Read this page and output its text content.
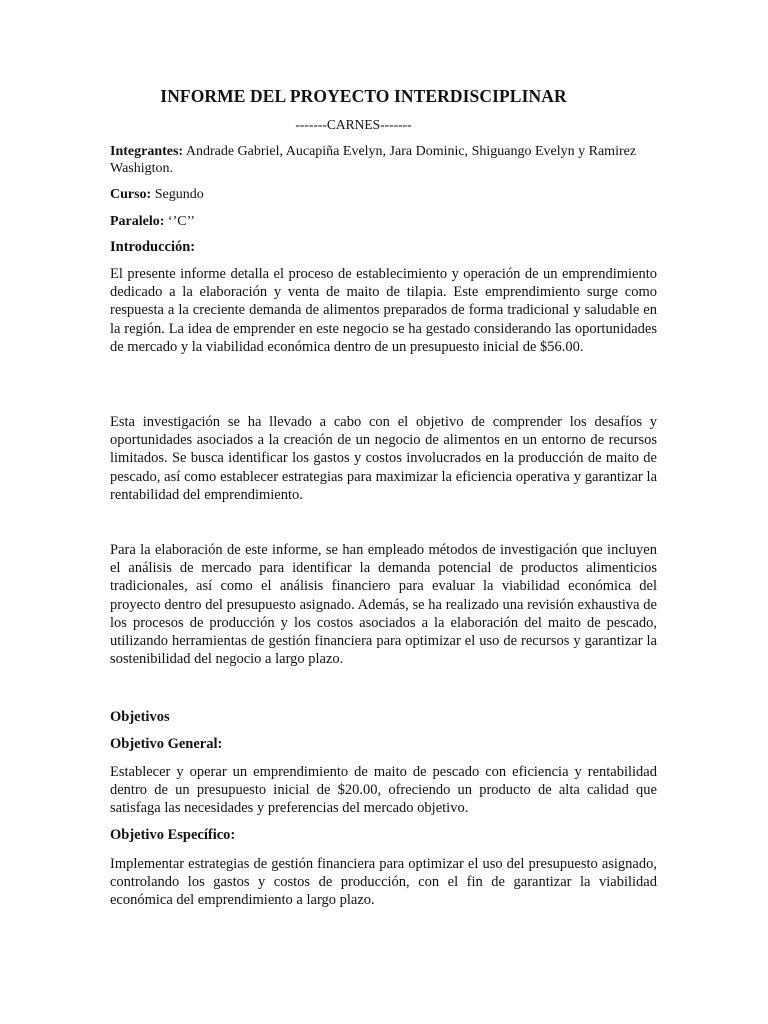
INFORME DEL PROYECTO INTERDISCIPLINAR
-------CARNES-------
Integrantes: Andrade Gabriel, Aucapiña Evelyn, Jara Dominic, Shiguango Evelyn y Ramirez Washigton.
Curso: Segundo
Paralelo: ‘’C’’
Introducción:

El presente informe detalla el proceso de establecimiento y operación de un emprendimiento dedicado a la elaboración y venta de maito de tilapia. Este emprendimiento surge como respuesta a la creciente demanda de alimentos preparados de forma tradicional y saludable en la región. La idea de emprender en este negocio se ha gestado considerando las oportunidades de mercado y la viabilidad económica dentro de un presupuesto inicial de $56.00.

Esta investigación se ha llevado a cabo con el objetivo de comprender los desafíos y oportunidades asociados a la creación de un negocio de alimentos en un entorno de recursos limitados. Se busca identificar los gastos y costos involucrados en la producción de maito de pescado, así como establecer estrategias para maximizar la eficiencia operativa y garantizar la rentabilidad del emprendimiento.

Para la elaboración de este informe, se han empleado métodos de investigación que incluyen el análisis de mercado para identificar la demanda potencial de productos alimenticios tradicionales, así como el análisis financiero para evaluar la viabilidad económica del proyecto dentro del presupuesto asignado. Además, se ha realizado una revisión exhaustiva de los procesos de producción y los costos asociados a la elaboración del maito de pescado, utilizando herramientas de gestión financiera para optimizar el uso de recursos y garantizar la sostenibilidad del negocio a largo plazo.

Objetivos
Objetivo General:

Establecer y operar un emprendimiento de maito de pescado con eficiencia y rentabilidad dentro de un presupuesto inicial de $20.00, ofreciendo un producto de alta calidad que satisfaga las necesidades y preferencias del mercado objetivo.

Objetivo Específico:

Implementar estrategias de gestión financiera para optimizar el uso del presupuesto asignado, controlando los gastos y costos de producción, con el fin de garantizar la viabilidad económica del emprendimiento a largo plazo.
